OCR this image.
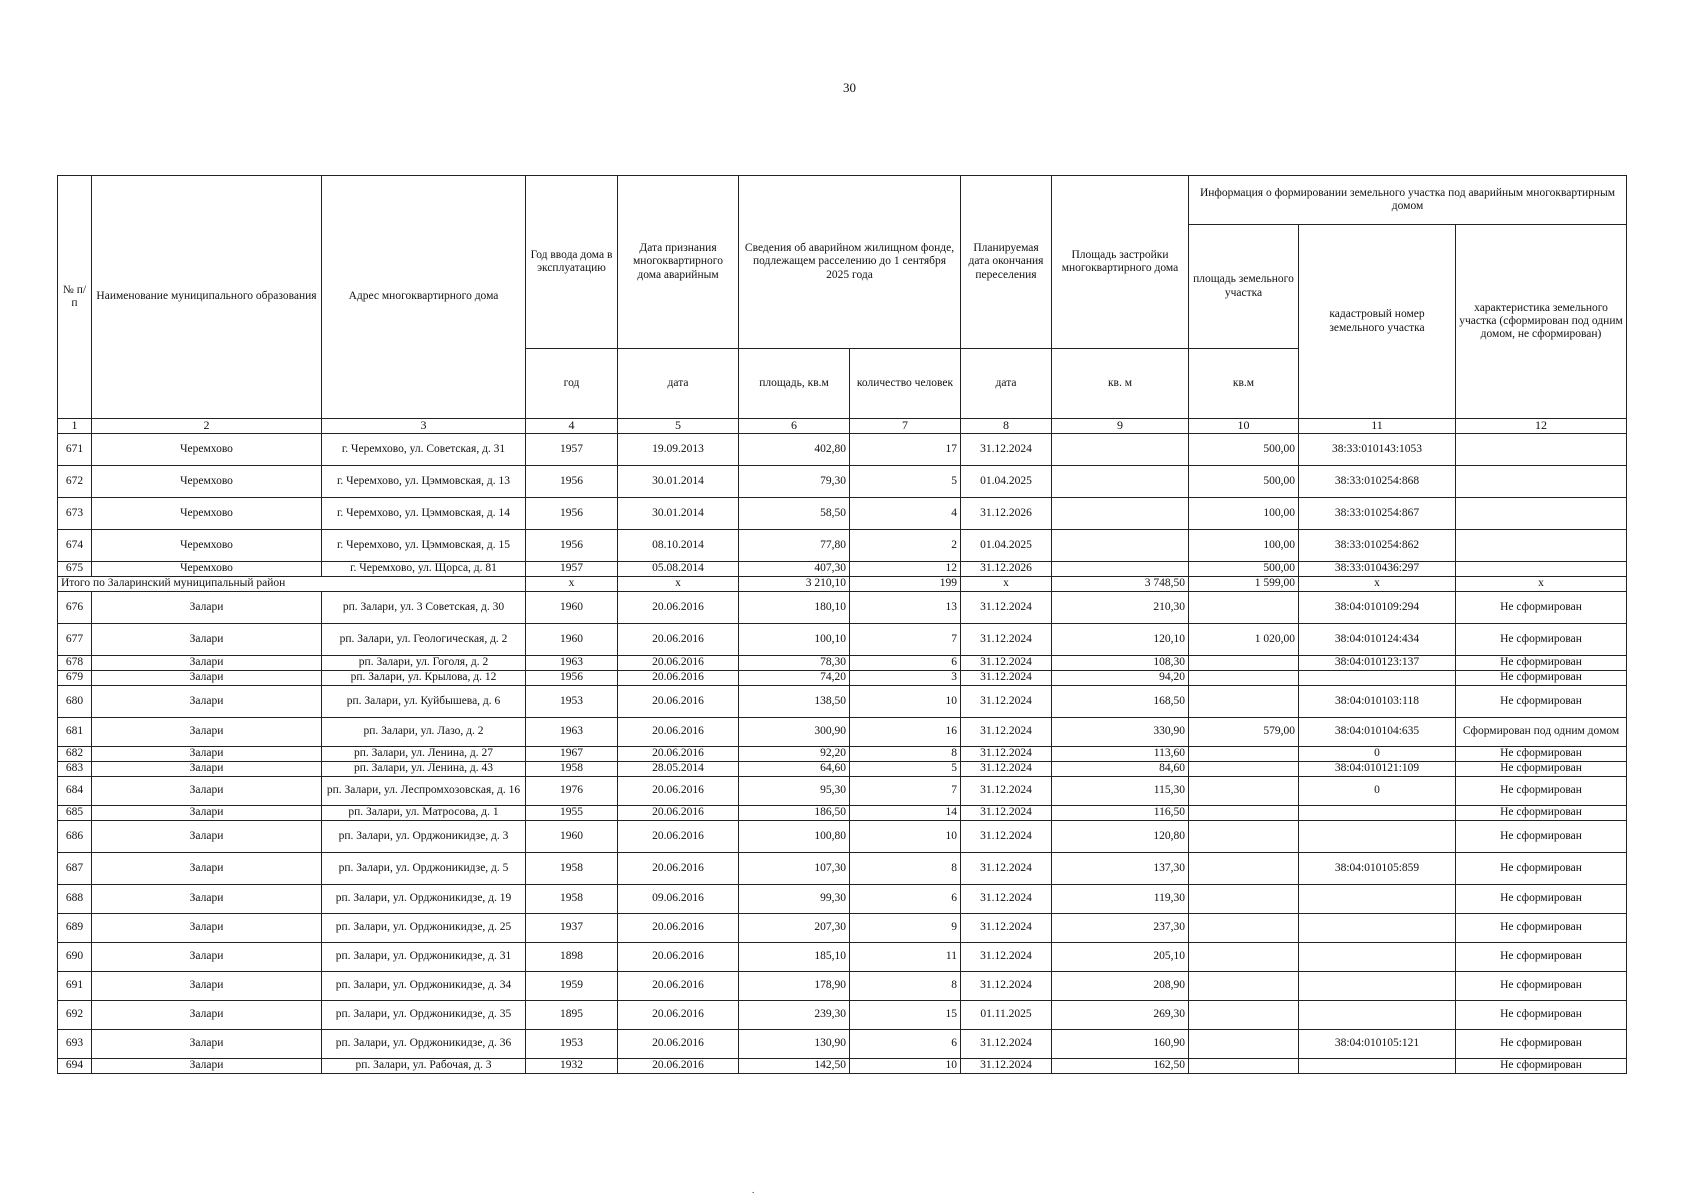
30
№ п/п	Наименование муниципального образования	Адрес многоквартирного дома	Год ввода дома в эксплуатацию	Дата признания многоквартирного дома аварийным	Сведения об аварийном жилищном фонде, подлежащем расселению до 1 сентября 2025 года		Планируемая дата окончания переселения	Площадь застройки многоквартирного дома	Информация о формировании земельного участка под аварийным многоквартирным домом		
									площадь земельного участка	кадастровый номер земельного участка	характеристика земельного участка (сформирован под одним домом, не сформирован)
			год	дата	площадь, кв.м	количество человек	дата	кв. м	кв.м		
1	2	3	4	5	6	7	8	9	10	11	12
671	Черемхово	г. Черемхово, ул. Советская, д. 31	1957	19.09.2013	402,80	17	31.12.2024		500,00	38:33:010143:1053	
672	Черемхово	г. Черемхово, ул. Цэммовская, д. 13	1956	30.01.2014	79,30	5	01.04.2025		500,00	38:33:010254:868	
673	Черемхово	г. Черемхово, ул. Цэммовская, д. 14	1956	30.01.2014	58,50	4	31.12.2026		100,00	38:33:010254:867	
674	Черемхово	г. Черемхово, ул. Цэммовская, д. 15	1956	08.10.2014	77,80	2	01.04.2025		100,00	38:33:010254:862	
675	Черемхово	г. Черемхово, ул. Щорса, д. 81	1957	05.08.2014	407,30	12	31.12.2026		500,00	38:33:010436:297	
Итого по Заларинский муниципальный район			x	x	3 210,10	199	x	3 748,50	1 599,00	x	x
676	Залари	рп. Залари, ул. 3 Советская, д. 30	1960	20.06.2016	180,10	13	31.12.2024	210,30		38:04:010109:294	Не сформирован
677	Залари	рп. Залари, ул. Геологическая, д. 2	1960	20.06.2016	100,10	7	31.12.2024	120,10	1 020,00	38:04:010124:434	Не сформирован
678	Залари	рп. Залари, ул. Гоголя, д. 2	1963	20.06.2016	78,30	6	31.12.2024	108,30		38:04:010123:137	Не сформирован
679	Залари	рп. Залари, ул. Крылова, д. 12	1956	20.06.2016	74,20	3	31.12.2024	94,20			Не сформирован
680	Залари	рп. Залари, ул. Куйбышева, д. 6	1953	20.06.2016	138,50	10	31.12.2024	168,50		38:04:010103:118	Не сформирован
681	Залари	рп. Залари, ул. Лазо, д. 2	1963	20.06.2016	300,90	16	31.12.2024	330,90	579,00	38:04:010104:635	Сформирован под одним домом
682	Залари	рп. Залари, ул. Ленина, д. 27	1967	20.06.2016	92,20	8	31.12.2024	113,60		0	Не сформирован
683	Залари	рп. Залари, ул. Ленина, д. 43	1958	28.05.2014	64,60	5	31.12.2024	84,60		38:04:010121:109	Не сформирован
684	Залари	рп. Залари, ул. Леспромхозовская, д. 16	1976	20.06.2016	95,30	7	31.12.2024	115,30		0	Не сформирован
685	Залари	рп. Залари, ул. Матросова, д. 1	1955	20.06.2016	186,50	14	31.12.2024	116,50			Не сформирован
686	Залари	рп. Залари, ул. Орджоникидзе, д. 3	1960	20.06.2016	100,80	10	31.12.2024	120,80			Не сформирован
687	Залари	рп. Залари, ул. Орджоникидзе, д. 5	1958	20.06.2016	107,30	8	31.12.2024	137,30		38:04:010105:859	Не сформирован
688	Залари	рп. Залари, ул. Орджоникидзе, д. 19	1958	09.06.2016	99,30	6	31.12.2024	119,30			Не сформирован
689	Залари	рп. Залари, ул. Орджоникидзе, д. 25	1937	20.06.2016	207,30	9	31.12.2024	237,30			Не сформирован
690	Залари	рп. Залари, ул. Орджоникидзе, д. 31	1898	20.06.2016	185,10	11	31.12.2024	205,10			Не сформирован
691	Залари	рп. Залари, ул. Орджоникидзе, д. 34	1959	20.06.2016	178,90	8	31.12.2024	208,90			Не сформирован
692	Залари	рп. Залари, ул. Орджоникидзе, д. 35	1895	20.06.2016	239,30	15	01.11.2025	269,30			Не сформирован
693	Залари	рп. Залари, ул. Орджоникидзе, д. 36	1953	20.06.2016	130,90	6	31.12.2024	160,90		38:04:010105:121	Не сформирован
694	Залари	рп. Залари, ул. Рабочая, д. 3	1932	20.06.2016	142,50	10	31.12.2024	162,50			Не сформирован
.
